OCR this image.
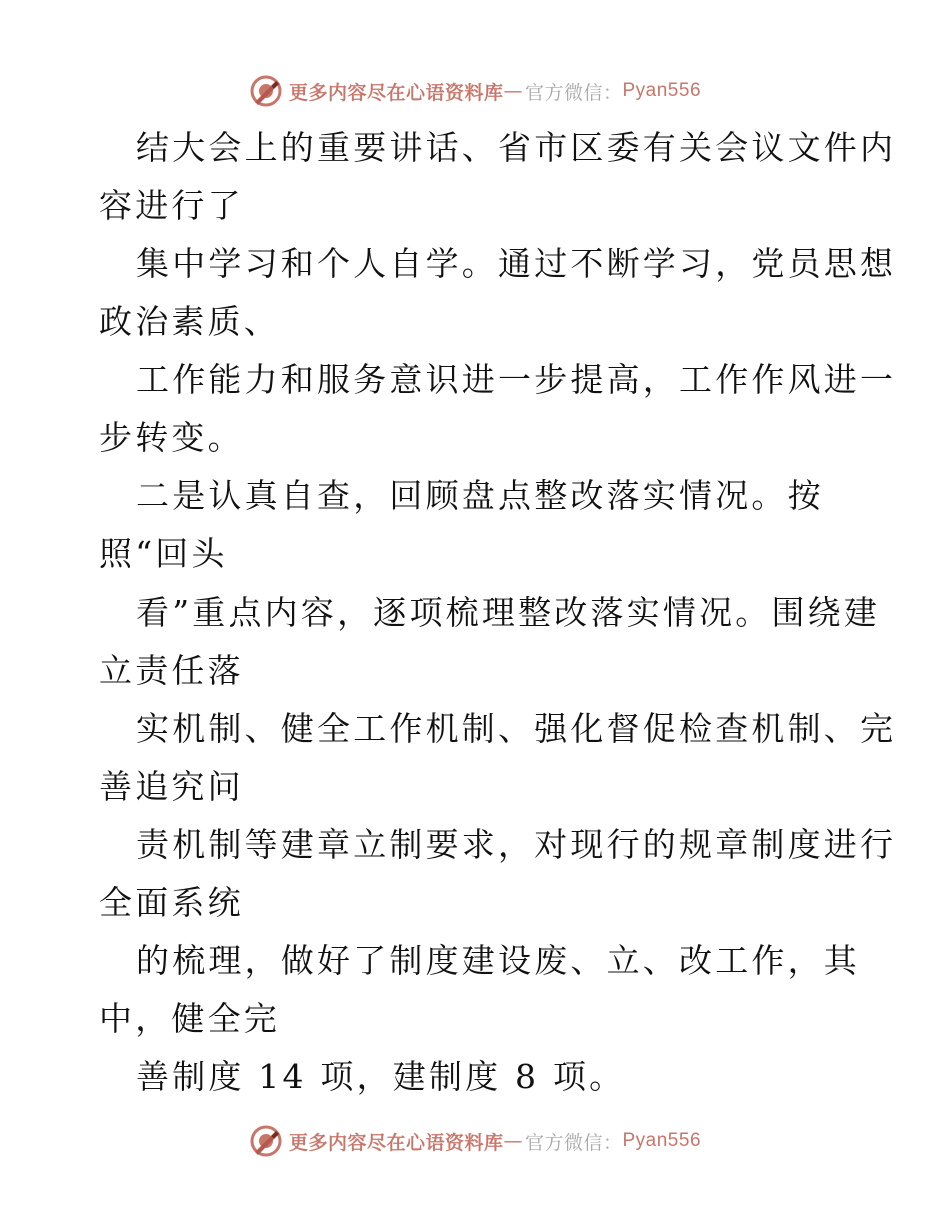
更多内容尽在心语资料库 — 官方微信： Pyan556
结大会上的重要讲话、省市区委有关会议文件内
容进行了
集中学习和个人自学。通过不断学习，党员思想
政治素质、
工作能力和服务意识进一步提高，工作作风进一
步转变。
二是认真自查，回顾盘点整改落实情况。按
照“回头
看”重点内容，逐项梳理整改落实情况。围绕建
立责任落
实机制、健全工作机制、强化督促检查机制、完
善追究问
责机制等建章立制要求，对现行的规章制度进行
全面系统
的梳理，做好了制度建设废、立、改工作，其
中，健全完
善制度 14 项，建制度 8 项。
更多内容尽在心语资料库 — 官方微信： Pyan556
